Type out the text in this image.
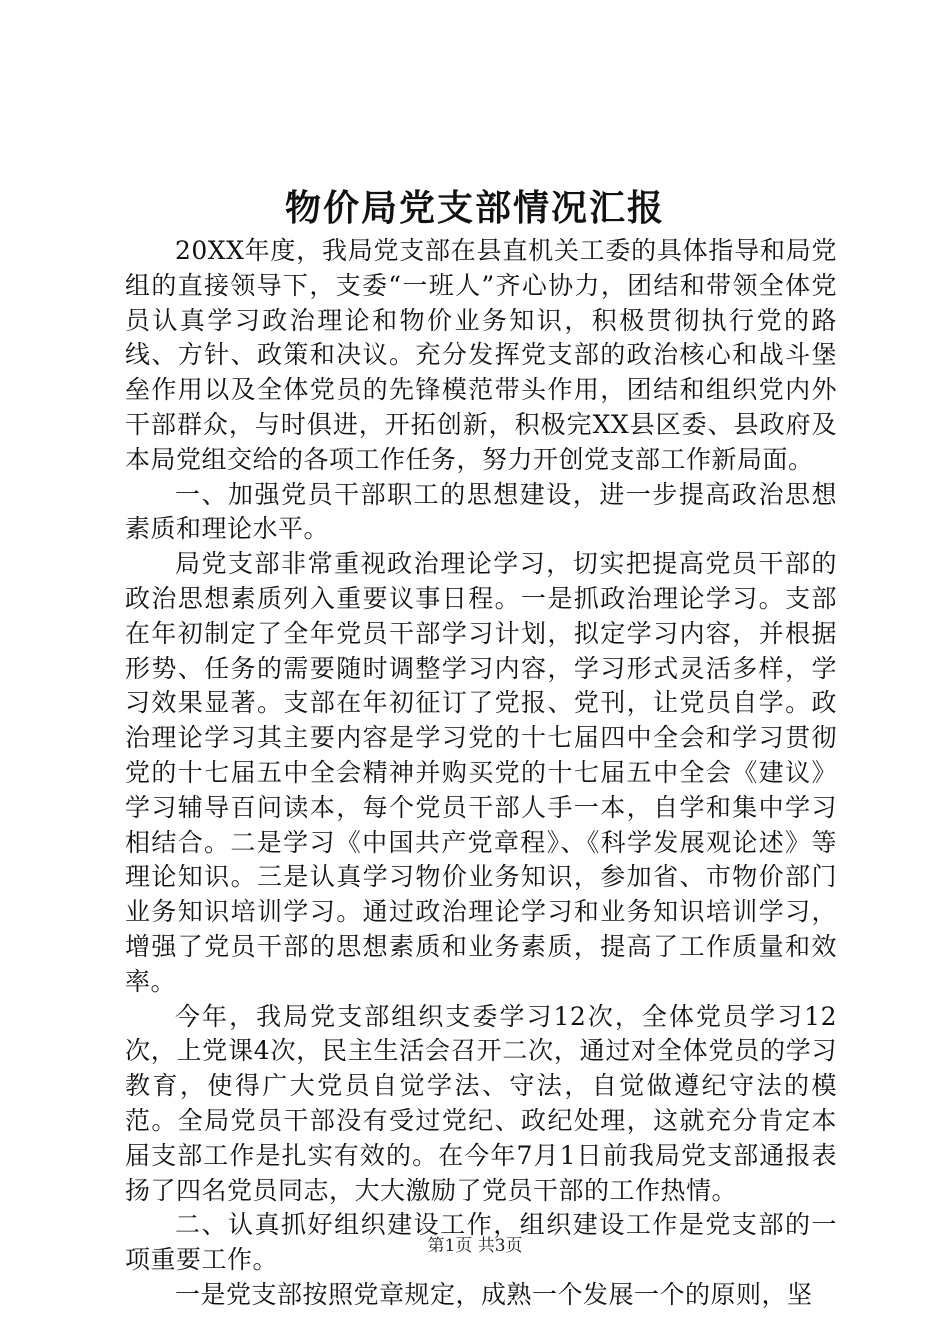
物价局党支部情况汇报

20XX年度，我局党支部在县直机关工委的具体指导和局党组的直接领导下，支委“一班人”齐心协力，团结和带领全体党员认真学习政治理论和物价业务知识，积极贯彻执行党的路线、方针、政策和决议。充分发挥党支部的政治核心和战斗堡垒作用以及全体党员的先锋模范带头作用，团结和组织党内外干部群众，与时俱进，开拓创新，积极完XX县区委、县政府及本局党组交给的各项工作任务，努力开创党支部工作新局面。

一、加强党员干部职工的思想建设，进一步提高政治思想素质和理论水平。

局党支部非常重视政治理论学习，切实把提高党员干部的政治思想素质列入重要议事日程。一是抓政治理论学习。支部在年初制定了全年党员干部学习计划，拟定学习内容，并根据形势、任务的需要随时调整学习内容，学习形式灵活多样，学习效果显著。支部在年初征订了党报、党刊，让党员自学。政治理论学习其主要内容是学习党的十七届四中全会和学习贯彻党的十七届五中全会精神并购买党的十七届五中全会《建议》学习辅导百问读本，每个党员干部人手一本，自学和集中学习相结合。二是学习《中国共产党章程》、《科学发展观论述》等理论知识。三是认真学习物价业务知识，参加省、市物价部门业务知识培训学习。通过政治理论学习和业务知识培训学习，增强了党员干部的思想素质和业务素质，提高了工作质量和效率。

今年，我局党支部组织支委学习12次，全体党员学习12次，上党课4次，民主生活会召开二次，通过对全体党员的学习教育，使得广大党员自觉学法、守法，自觉做遵纪守法的模范。全局党员干部没有受过党纪、政纪处理，这就充分肯定本届支部工作是扎实有效的。在今年7月1日前我局党支部通报表扬了四名党员同志，大大激励了党员干部的工作热情。

二、认真抓好组织建设工作，组织建设工作是党支部的一项重要工作。

一是党支部按照党章规定，成熟一个发展一个的原则，坚

第1页 共3页
